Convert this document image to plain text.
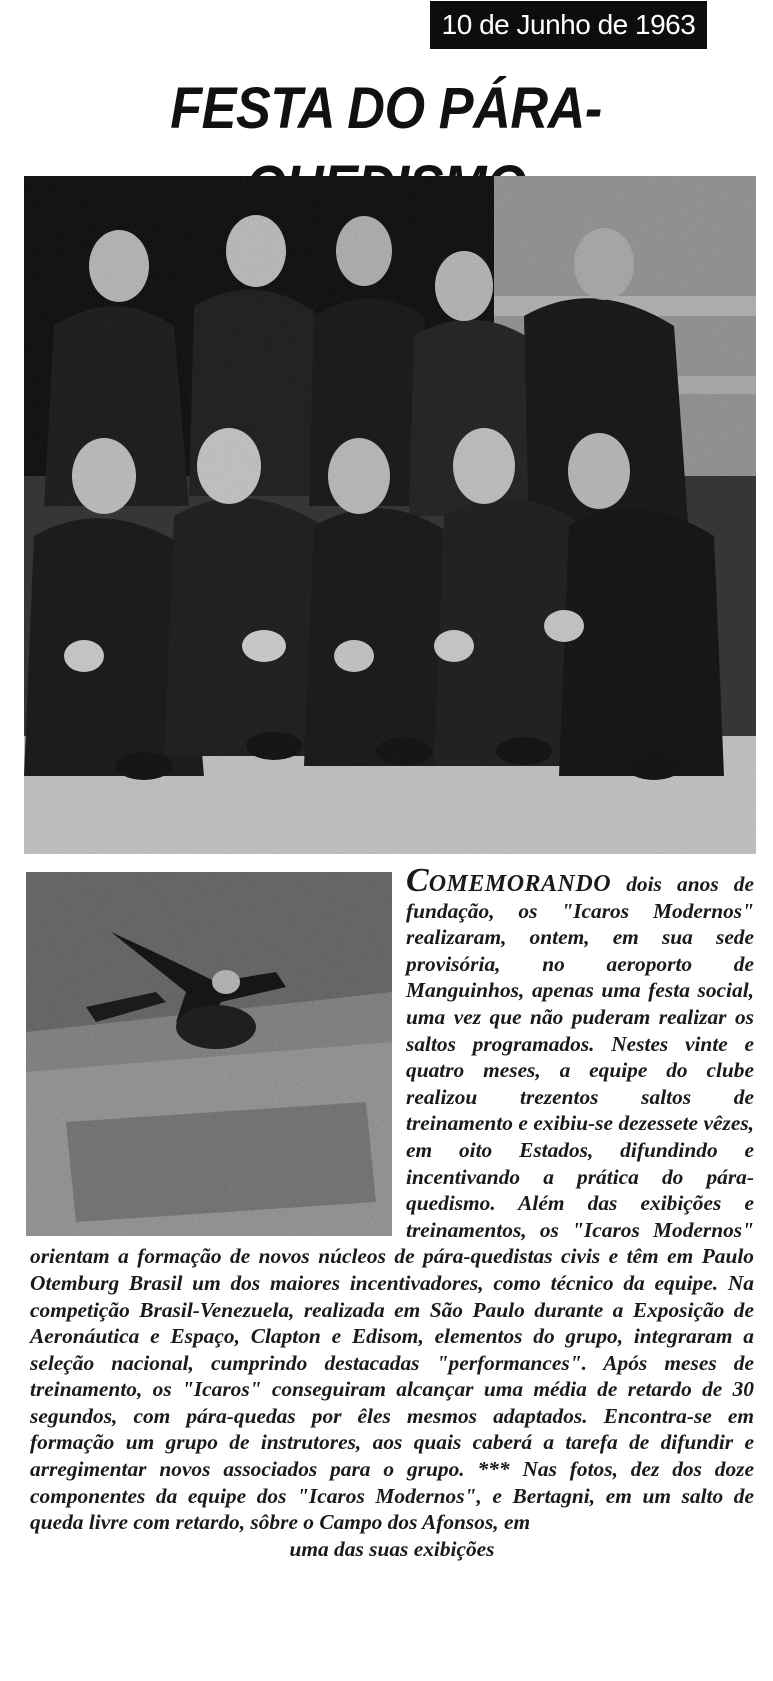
10 de Junho de 1963
FESTA DO PÁRA-
COMEMORANDO dois anos de fundação, os "Icaros Modernos" realizaram, ontem, em sua sede provisória, no aeroporto de Manguinhos, apenas uma festa social, uma vez que não puderam realizar os saltos programados. Nestes vinte e quatro meses, a equipe do clube realizou trezentos saltos de treinamento e exibiu-se dezessete vêzes, em oito Estados, difundindo e incentivando a prática do pára-quedismo. Além das exibições e treinamentos, os "Icaros Modernos" orientam a formação de novos núcleos de pára-quedistas civis e têm em Paulo Otemburg Brasil um dos maiores incentivadores, como técnico da equipe. Na competição Brasil-Venezuela, realizada em São Paulo durante a Exposição de Aeronáutica e Espaço, Clapton e Edisom, elementos do grupo, integraram a seleção nacional, cumprindo destacadas "performances". Após meses de treinamento, os "Icaros" conseguiram alcançar uma média de retardo de 30 segundos, com pára-quedas por êles mesmos adaptados. Encontra-se em formação um grupo de instrutores, aos quais caberá a tarefa de difundir e arregimentar novos associados para o grupo. *** Nas fotos, dez dos doze componentes da equipe dos "Icaros Modernos", e Bertagni, em um salto de queda livre com retardo, sôbre o Campo dos Afonsos, em
uma das suas exibições
